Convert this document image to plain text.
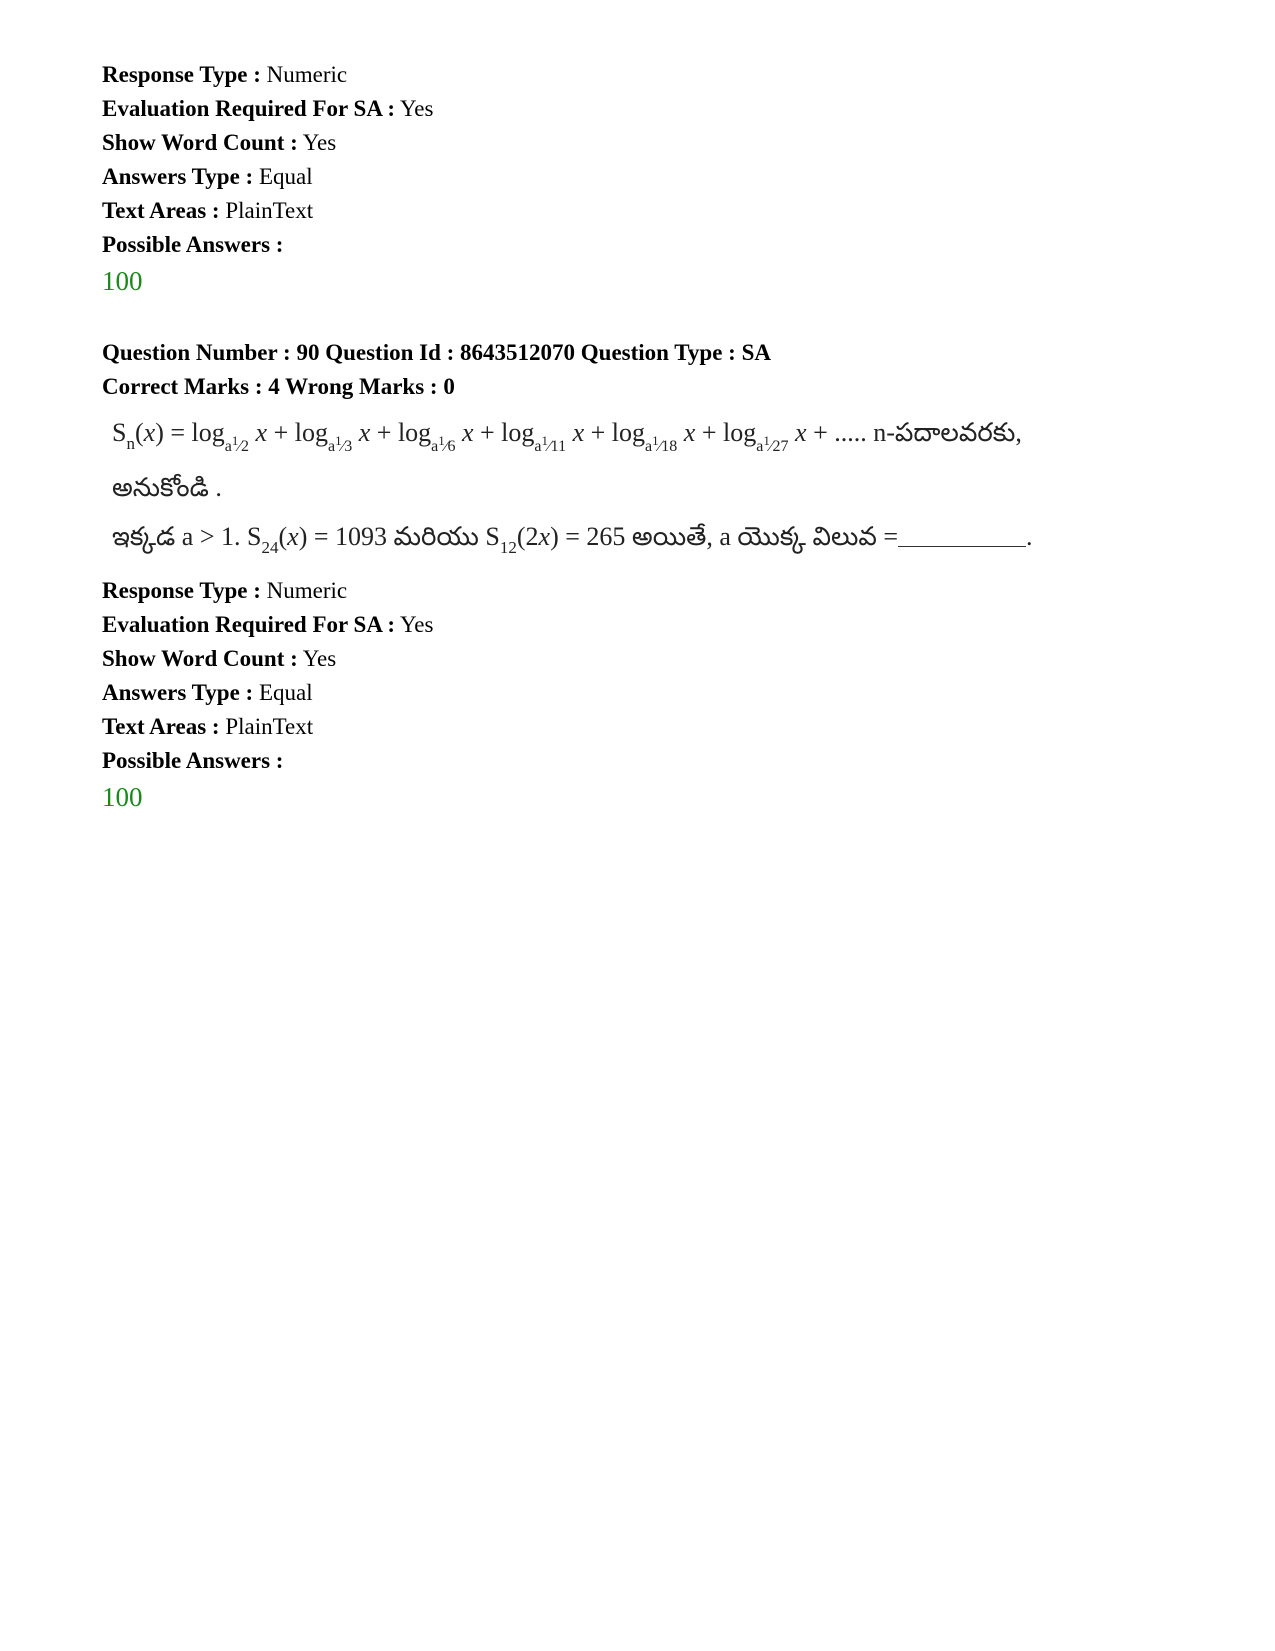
Response Type : Numeric
Evaluation Required For SA : Yes
Show Word Count : Yes
Answers Type : Equal
Text Areas : PlainText
Possible Answers :
100
Question Number : 90 Question Id : 8643512070 Question Type : SA
Correct Marks : 4 Wrong Marks : 0
$S_n(x)$ = loga$^1$⁄2 x + loga$^1$⁄3 x + loga$^1$⁄6 x + loga$^1$⁄11 x + loga$^1$⁄18 x + loga$^1$⁄27 x + ..... n-పదాలవరకు,
అనుకోండి .
ఇక్కడ a > 1. $S_{24}(x) = 1093$ మరియు $S_{12}(2x) = 265$ అయితే, a యొక్క విలువ =	.
Response Type : Numeric
Evaluation Required For SA : Yes
Show Word Count : Yes
Answers Type : Equal
Text Areas : PlainText
Possible Answers :
100
